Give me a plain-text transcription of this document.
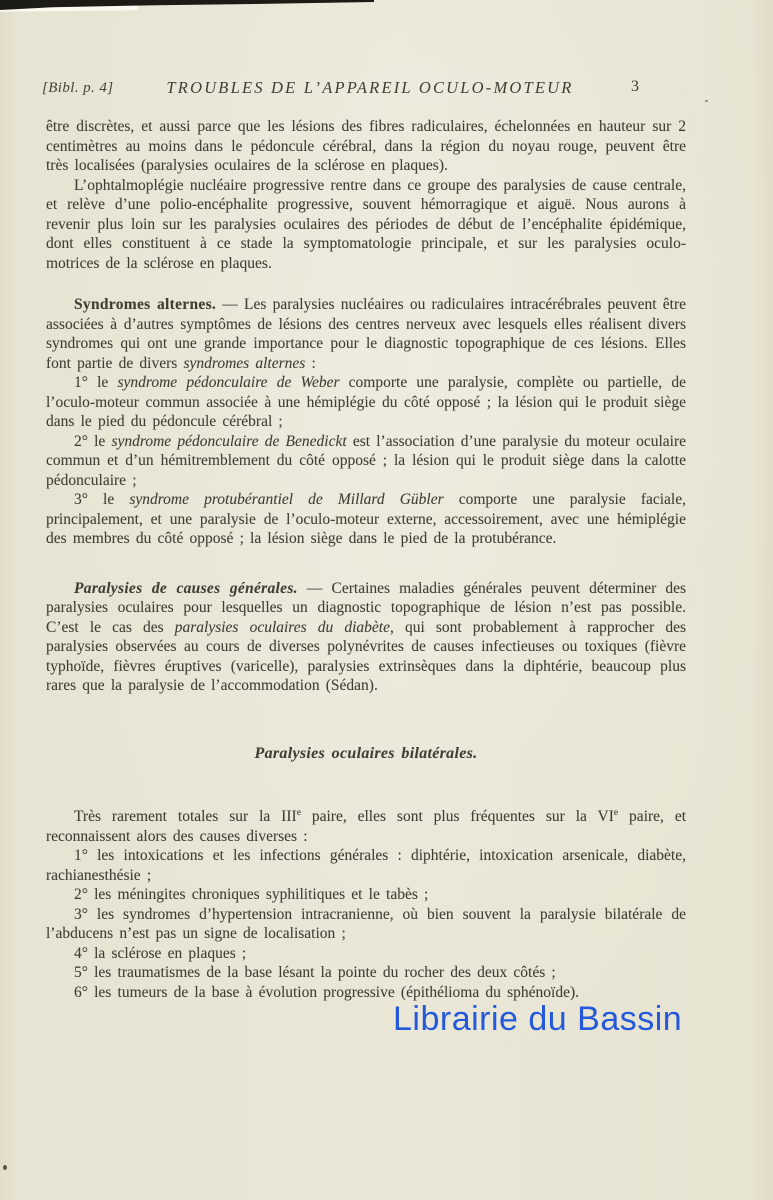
[Bibl. p. 4]	TROUBLES DE L’APPAREIL OCULO-MOTEUR	3

être discrètes, et aussi parce que les lésions des fibres radiculaires, échelonnées en hauteur sur 2 centimètres au moins dans le pédoncule cérébral, dans la région du noyau rouge, peuvent être très localisées (paralysies oculaires de la sclérose en plaques).

L’ophtalmoplégie nucléaire progressive rentre dans ce groupe des paralysies de cause centrale, et relève d’une polio-encéphalite progressive, souvent hémorragique et aiguë. Nous aurons à revenir plus loin sur les paralysies oculaires des périodes de début de l’encéphalite épidémique, dont elles constituent à ce stade la symptomatologie principale, et sur les paralysies oculo-motrices de la sclérose en plaques.

Syndromes alternes. — Les paralysies nucléaires ou radiculaires intracérébrales peuvent être associées à d’autres symptômes de lésions des centres nerveux avec lesquels elles réalisent divers syndromes qui ont une grande importance pour le diagnostic topographique de ces lésions. Elles font partie de divers syndromes alternes :

1° le syndrome pédonculaire de Weber comporte une paralysie, complète ou partielle, de l’oculo-moteur commun associée à une hémiplégie du côté opposé ; la lésion qui le produit siège dans le pied du pédoncule cérébral ;

2° le syndrome pédonculaire de Benedickt est l’association d’une paralysie du moteur oculaire commun et d’un hémitremblement du côté opposé ; la lésion qui le produit siège dans la calotte pédonculaire ;

3° le syndrome protubérantiel de Millard Gübler comporte une paralysie faciale, principalement, et une paralysie de l’oculo-moteur externe, accessoirement, avec une hémiplégie des membres du côté opposé ; la lésion siège dans le pied de la protubérance.

Paralysies de causes générales. — Certaines maladies générales peuvent déterminer des paralysies oculaires pour lesquelles un diagnostic topographique de lésion n’est pas possible. C’est le cas des paralysies oculaires du diabète, qui sont probablement à rapprocher des paralysies observées au cours de diverses polynévrites de causes infectieuses ou toxiques (fièvre typhoïde, fièvres éruptives (varicelle), paralysies extrinsèques dans la diphtérie, beaucoup plus rares que la paralysie de l’accommodation (Sédan).

Paralysies oculaires bilatérales.

Très rarement totales sur la IIIe paire, elles sont plus fréquentes sur la VIe paire, et reconnaissent alors des causes diverses :

1° les intoxications et les infections générales : diphtérie, intoxication arsenicale, diabète, rachianesthésie ;

2° les méningites chroniques syphilitiques et le tabès ;

3° les syndromes d’hypertension intracranienne, où bien souvent la paralysie bilatérale de l’abducens n’est pas un signe de localisation ;

4° la sclérose en plaques ;

5° les traumatismes de la base lésant la pointe du rocher des deux côtés ;

6° les tumeurs de la base à évolution progressive (épithélioma du sphénoïde).

Librairie du Bassin
